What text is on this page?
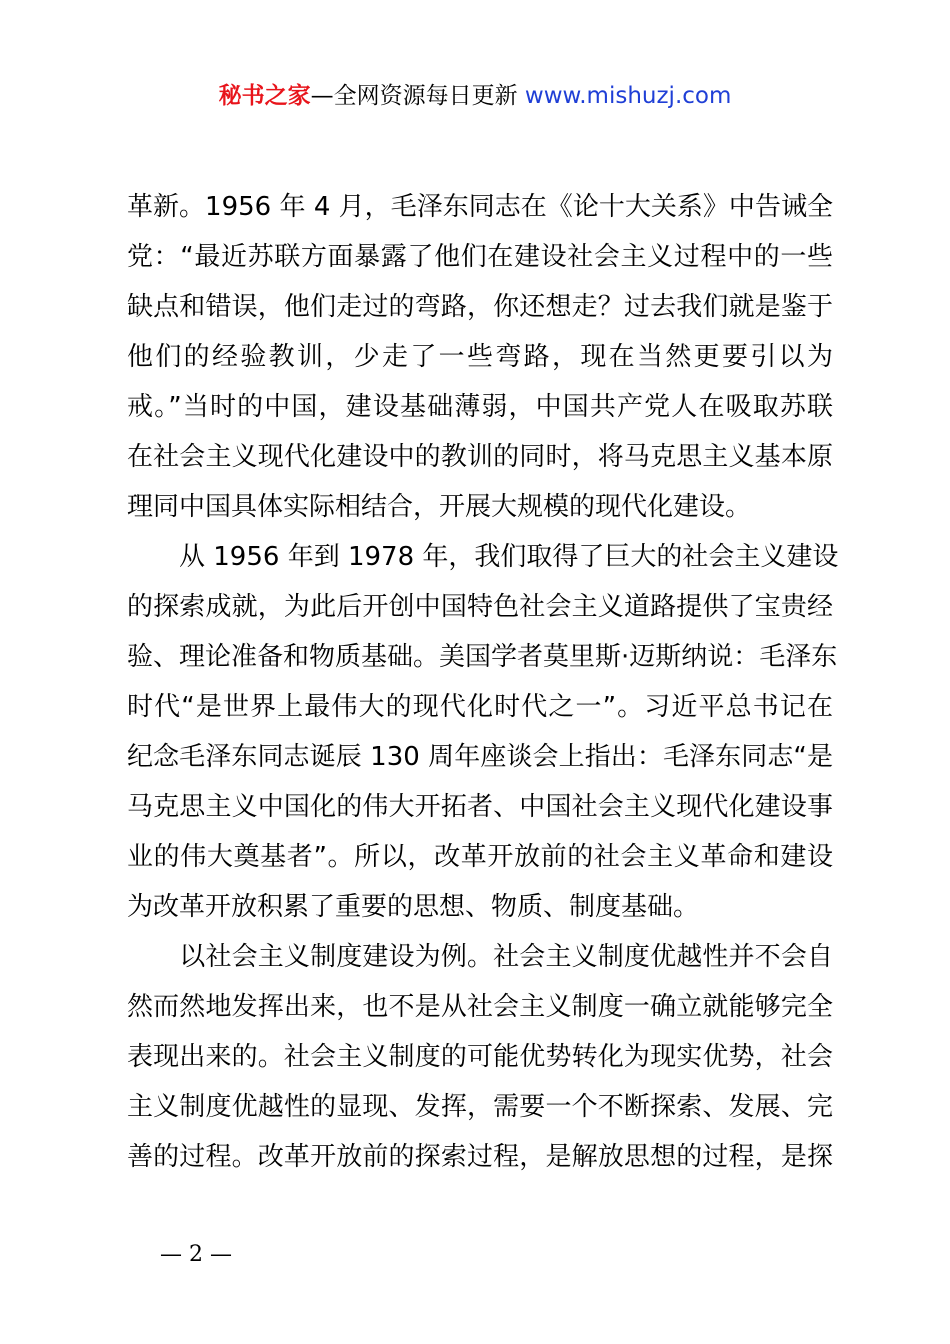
秘书之家—全网资源每日更新 www.mishuzj.com
革新。1956 年 4 月，毛泽东同志在《论十大关系》中告诫全
党：“最近苏联方面暴露了他们在建设社会主义过程中的一些
缺点和错误，他们走过的弯路，你还想走？过去我们就是鉴于
他们的经验教训，少走了一些弯路，现在当然更要引以为
戒。”当时的中国，建设基础薄弱，中国共产党人在吸取苏联
在社会主义现代化建设中的教训的同时，将马克思主义基本原
理同中国具体实际相结合，开展大规模的现代化建设。
　　从 1956 年到 1978 年，我们取得了巨大的社会主义建设
的探索成就，为此后开创中国特色社会主义道路提供了宝贵经
验、理论准备和物质基础。美国学者莫里斯·迈斯纳说：毛泽东
时代“是世界上最伟大的现代化时代之一”。习近平总书记在
纪念毛泽东同志诞辰 130 周年座谈会上指出：毛泽东同志“是
马克思主义中国化的伟大开拓者、中国社会主义现代化建设事
业的伟大奠基者”。所以，改革开放前的社会主义革命和建设
为改革开放积累了重要的思想、物质、制度基础。
　　以社会主义制度建设为例。社会主义制度优越性并不会自
然而然地发挥出来，也不是从社会主义制度一确立就能够完全
表现出来的。社会主义制度的可能优势转化为现实优势，社会
主义制度优越性的显现、发挥，需要一个不断探索、发展、完
善的过程。改革开放前的探索过程，是解放思想的过程，是探
— 2 —
